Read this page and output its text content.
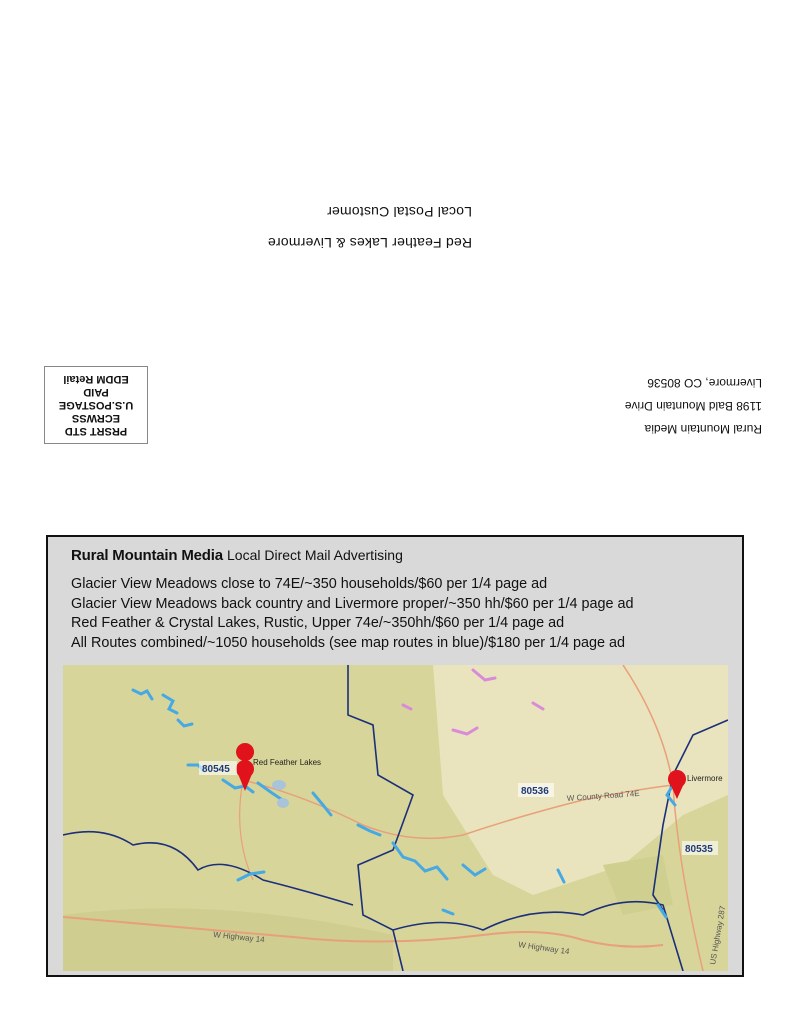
Red Feather Lakes & Livermore
Local Postal Customer
Rural Mountain Media
1198 Bald Mountain Drive
Livermore, CO 80536
PRSRT STD
ECRWSS
U.S.POSTAGE
PAID
EDDM Retail
Rural Mountain Media Local Direct Mail Advertising
Glacier View Meadows close to 74E/~350 households/$60 per 1/4 page ad
Glacier View Meadows back country and Livermore proper/~350 hh/$60 per 1/4 page ad
Red Feather & Crystal Lakes, Rustic, Upper 74e/~350hh/$60 per 1/4 page ad
All Routes combined/~1050 households (see map routes in blue)/$180 per 1/4 page ad
80545
80536
80535
Red Feather Lakes
Livermore
W County Road 74E
W Highway 14
W Highway 14	US Highway 287
